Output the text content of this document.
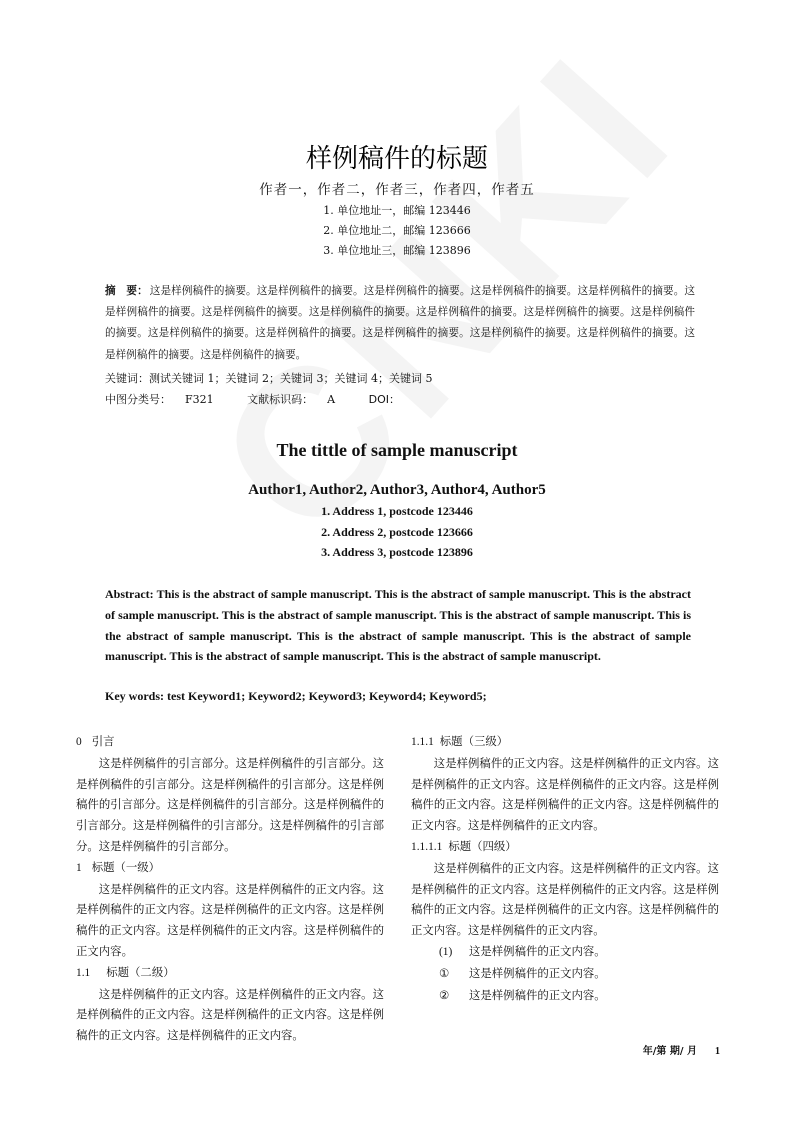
样例稿件的标题
作者一，作者二，作者三，作者四，作者五
1. 单位地址一，邮编 123446
2. 单位地址二，邮编 123666
3. 单位地址三，邮编 123896
摘　要： 这是样例稿件的摘要。这是样例稿件的摘要。这是样例稿件的摘要。这是样例稿件的摘要。这是样例稿件的摘要。这是样例稿件的摘要。这是样例稿件的摘要。这是样例稿件的摘要。这是样例稿件的摘要。这是样例稿件的摘要。这是样例稿件的摘要。这是样例稿件的摘要。这是样例稿件的摘要。这是样例稿件的摘要。这是样例稿件的摘要。这是样例稿件的摘要。这是样例稿件的摘要。这是样例稿件的摘要。
关键词：测试关键词 1；关键词 2；关键词 3；关键词 4；关键词 5
中图分类号： F321	文献标识码： A	DOI：
The tittle of sample manuscript
Author1, Author2, Author3, Author4, Author5
1. Address 1, postcode 123446
2. Address 2, postcode 123666
3. Address 3, postcode 123896
Abstract: This is the abstract of sample manuscript. This is the abstract of sample manuscript. This is the abstract of sample manuscript. This is the abstract of sample manuscript. This is the abstract of sample manuscript. This is the abstract of sample manuscript. This is the abstract of sample manuscript. This is the abstract of sample manuscript. This is the abstract of sample manuscript. This is the abstract of sample manuscript.
Key words: test Keyword1; Keyword2; Keyword3; Keyword4; Keyword5;

0 引言

这是样例稿件的引言部分。这是样例稿件的引言部分。这是样例稿件的引言部分。这是样例稿件的引言部分。这是样例稿件的引言部分。这是样例稿件的引言部分。这是样例稿件的引言部分。这是样例稿件的引言部分。这是样例稿件的引言部分。这是样例稿件的引言部分。

1 标题（一级）

这是样例稿件的正文内容。这是样例稿件的正文内容。这是样例稿件的正文内容。这是样例稿件的正文内容。这是样例稿件的正文内容。这是样例稿件的正文内容。这是样例稿件的正文内容。

1.1 标题（二级）

这是样例稿件的正文内容。这是样例稿件的正文内容。这是样例稿件的正文内容。这是样例稿件的正文内容。这是样例稿件的正文内容。这是样例稿件的正文内容。

1.1.1 标题（三级）

这是样例稿件的正文内容。这是样例稿件的正文内容。这是样例稿件的正文内容。这是样例稿件的正文内容。这是样例稿件的正文内容。这是样例稿件的正文内容。这是样例稿件的正文内容。这是样例稿件的正文内容。

1.1.1.1 标题（四级）

这是样例稿件的正文内容。这是样例稿件的正文内容。这是样例稿件的正文内容。这是样例稿件的正文内容。这是样例稿件的正文内容。这是样例稿件的正文内容。这是样例稿件的正文内容。这是样例稿件的正文内容。

(1) 这是样例稿件的正文内容。

① 这是样例稿件的正文内容。

② 这是样例稿件的正文内容。

年/第 期/ 月 1
